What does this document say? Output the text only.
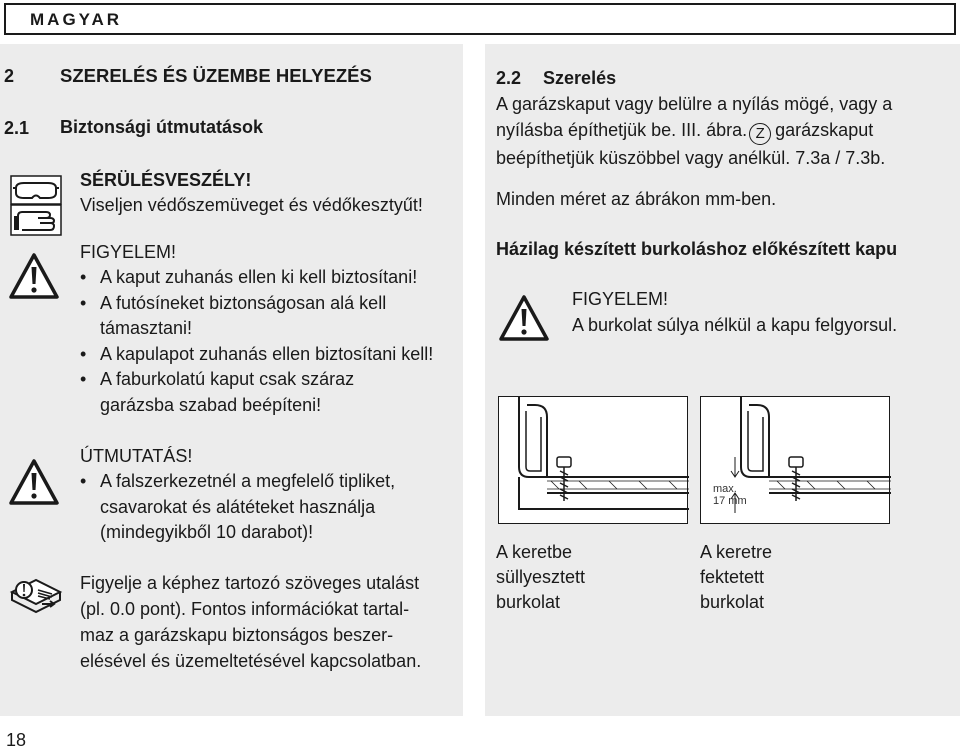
MAGYAR
2 SZERELÉS ÉS ÜZEMBE HELYEZÉS
2.1 Biztonsági útmutatások
SÉRÜLÉSVESZÉLY!
Viseljen védőszemüveget és védőkesztyűt!
FIGYELEM!
• A kaput zuhanás ellen ki kell biztosítani!
• A futósíneket biztonságosan alá kell
támasztani!
• A kapulapot zuhanás ellen biztosítani kell!
• A faburkolatú kaput csak száraz
garázsba szabad beépíteni!
ÚTMUTATÁS!
• A falszerkezetnél a megfelelő tipliket,
csavarokat és alátéteket használja
(mindegyikből 10 darabot)!
Figyelje a képhez tartozó szöveges utalást
(pl. 0.0 pont). Fontos információkat tartal-
maz a garázskapu biztonságos beszer-
elésével és üzemeltetésével kapcsolatban.
2.2 Szerelés
A garázskaput vagy belülre a nyílás mögé, vagy a
nyílásba építhetjük be. III. ábra. Z garázskaput
beépíthetjük küszöbbel vagy anélkül. 7.3a / 7.3b.
Minden méret az ábrákon mm-ben.
Házilag készített burkoláshoz előkészített kapu
FIGYELEM!
A burkolat súlya nélkül a kapu felgyorsul.
A keretbe
süllyesztett
burkolat
max.
17 mm
A keretre
fektetett
burkolat
18
